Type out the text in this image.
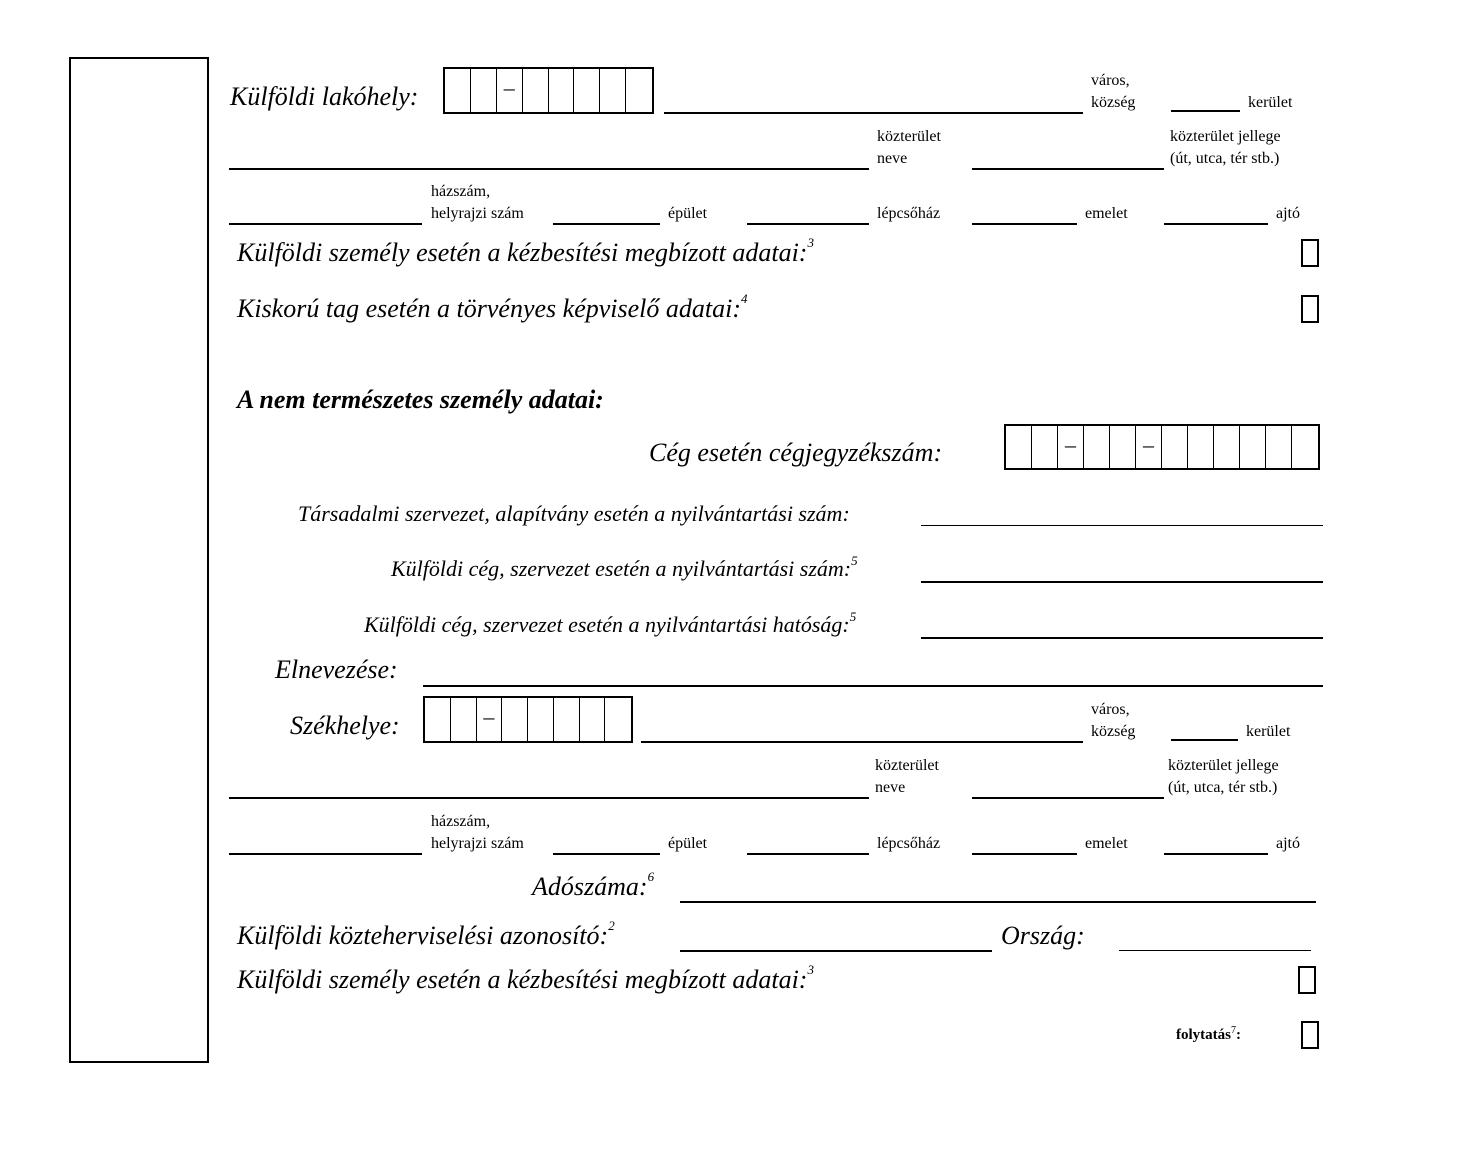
Külföldi lakóhely:	–	város,
község	kerület
közterület
neve
közterület jellege
(út, utca, tér stb.)
házszám,
helyrajzi szám	épület	lépcsőház	emelet	ajtó
Külföldi személy esetén a kézbesítési megbízott adatai:$^3$
Kiskorú tag esetén a törvényes képviselő adatai:$^4$
A nem természetes személy adatai:
Cég esetén cégjegyzékszám:	–	–
Társadalmi szervezet, alapítvány esetén a nyilvántartási szám:
Külföldi cég, szervezet esetén a nyilvántartási szám:$^5$
Külföldi cég, szervezet esetén a nyilvántartási hatóság:$^5$
Elnevezése:
Székhelye:	–	város,
község	kerület
közterület
neve
közterület jellege
(út, utca, tér stb.)
házszám,
helyrajzi szám	épület	lépcsőház	emelet	ajtó
Adószáma:$^6$
Külföldi közteherviselési azonosító:$^2$	Ország:
Külföldi személy esetén a kézbesítési megbízott adatai:$^3$
folytatás$^7$:
